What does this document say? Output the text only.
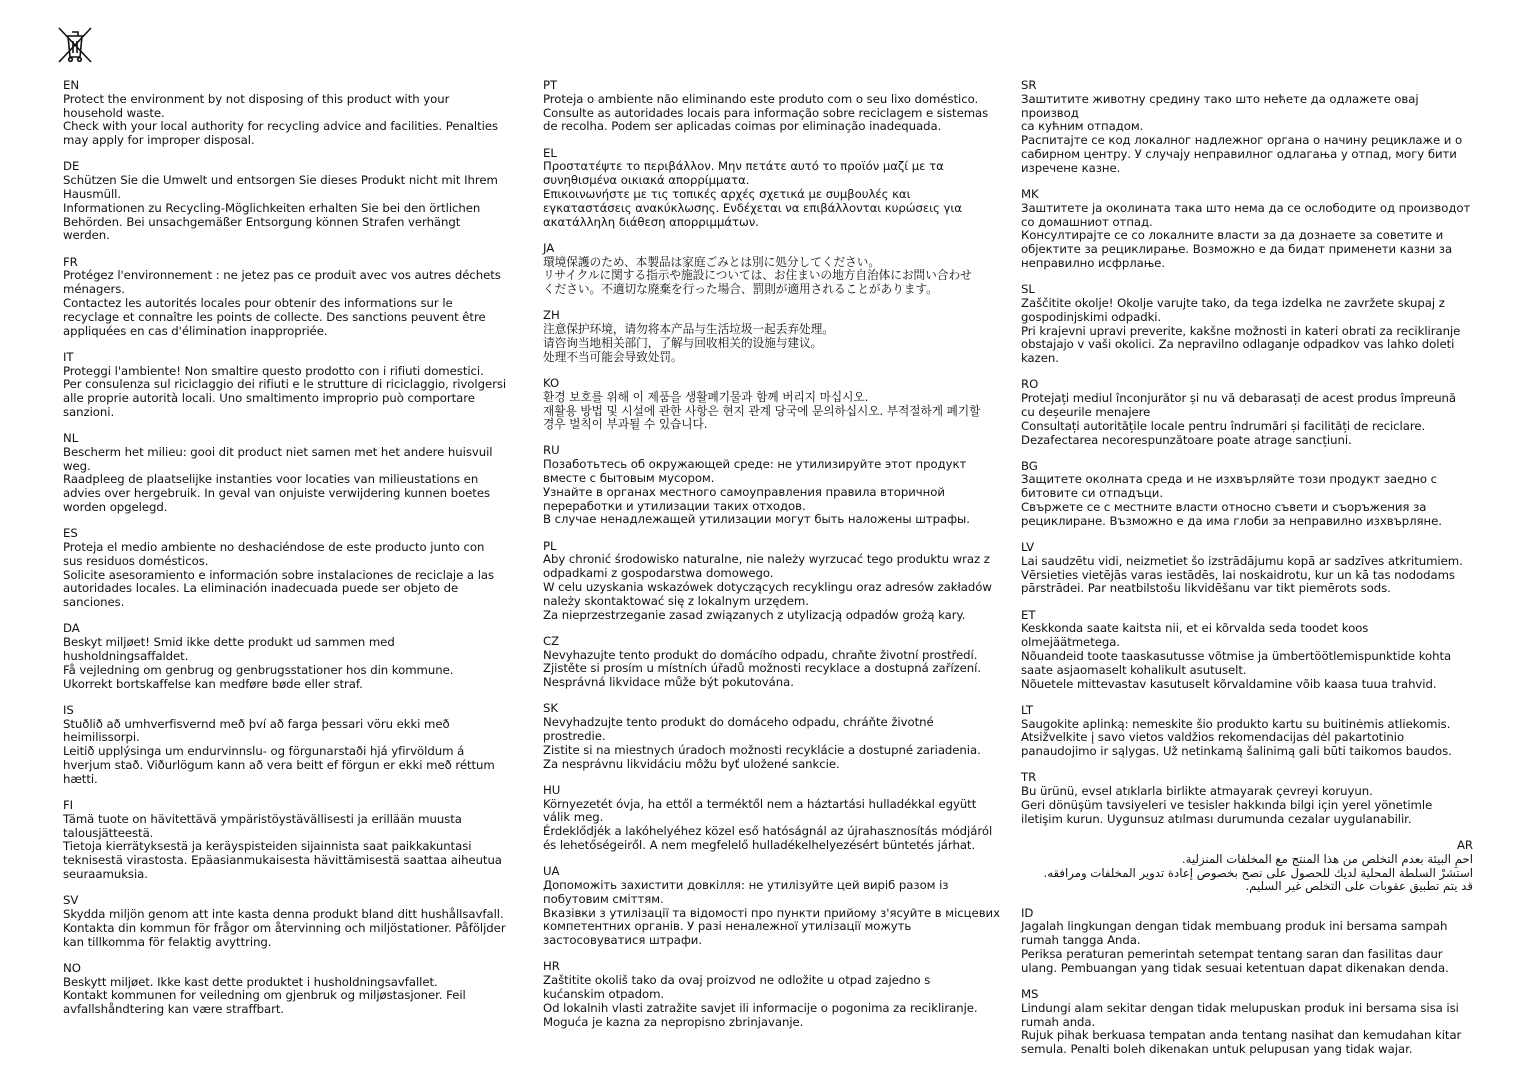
EN
Protect the environment by not disposing of this product with your
household waste.
Check with your local authority for recycling advice and facilities. Penalties
may apply for improper disposal.
DE
Schützen Sie die Umwelt und entsorgen Sie dieses Produkt nicht mit Ihrem
Hausmüll.
Informationen zu Recycling-Möglichkeiten erhalten Sie bei den örtlichen
Behörden. Bei unsachgemäßer Entsorgung können Strafen verhängt
werden.
FR
Protégez l'environnement : ne jetez pas ce produit avec vos autres déchets
ménagers.
Contactez les autorités locales pour obtenir des informations sur le
recyclage et connaître les points de collecte. Des sanctions peuvent être
appliquées en cas d'élimination inappropriée.
IT
Proteggi l'ambiente! Non smaltire questo prodotto con i rifiuti domestici.
Per consulenza sul riciclaggio dei rifiuti e le strutture di riciclaggio, rivolgersi
alle proprie autorità locali. Uno smaltimento improprio può comportare
sanzioni.
NL
Bescherm het milieu: gooi dit product niet samen met het andere huisvuil
weg.
Raadpleeg de plaatselijke instanties voor locaties van milieustations en
advies over hergebruik. In geval van onjuiste verwijdering kunnen boetes
worden opgelegd.
ES
Proteja el medio ambiente no deshaciéndose de este producto junto con
sus residuos domésticos.
Solicite asesoramiento e información sobre instalaciones de reciclaje a las
autoridades locales. La eliminación inadecuada puede ser objeto de
sanciones.
DA
Beskyt miljøet! Smid ikke dette produkt ud sammen med
husholdningsaffaldet.
Få vejledning om genbrug og genbrugsstationer hos din kommune.
Ukorrekt bortskaffelse kan medføre bøde eller straf.
IS
Stuðlið að umhverfisvernd með því að farga þessari vöru ekki með
heimilissorpi.
Leitið upplýsinga um endurvinnslu- og förgunarstaði hjá yfirvöldum á
hverjum stað. Viðurlögum kann að vera beitt ef förgun er ekki með réttum
hætti.
FI
Tämä tuote on hävitettävä ympäristöystävällisesti ja erillään muusta
talousjätteestä.
Tietoja kierrätyksestä ja keräyspisteiden sijainnista saat paikkakuntasi
teknisestä virastosta. Epäasianmukaisesta hävittämisestä saattaa aiheutua
seuraamuksia.
SV
Skydda miljön genom att inte kasta denna produkt bland ditt hushållsavfall.
Kontakta din kommun för frågor om återvinning och miljöstationer. Påföljder
kan tillkomma för felaktig avyttring.
NO
Beskytt miljøet. Ikke kast dette produktet i husholdningsavfallet.
Kontakt kommunen for veiledning om gjenbruk og miljøstasjoner. Feil
avfallshåndtering kan være straffbart.
PT
Proteja o ambiente não eliminando este produto com o seu lixo doméstico.
Consulte as autoridades locais para informação sobre reciclagem e sistemas
de recolha. Podem ser aplicadas coimas por eliminação inadequada.
EL
Προστατέψτε το περιβάλλον. Μην πετάτε αυτό το προϊόν μαζί με τα
συνηθισμένα οικιακά απορρίμματα.
Επικοινωνήστε με τις τοπικές αρχές σχετικά με συμβουλές και
εγκαταστάσεις ανακύκλωσης. Ενδέχεται να επιβάλλονται κυρώσεις για
ακατάλληλη διάθεση απορριμμάτων.
JA
環境保護のため、本製品は家庭ごみとは別に処分してください。
リサイクルに関する指示や施設については、お住まいの地方自治体にお問い合わせ
ください。不適切な廃棄を行った場合、罰則が適用されることがあります。
ZH
注意保护环境，请勿将本产品与生活垃圾一起丢弃处理。
请咨询当地相关部门，了解与回收相关的设施与建议。
处理不当可能会导致处罚。
KO
환경 보호를 위해 이 제품을 생활폐기물과 함께 버리지 마십시오.
재활용 방법 및 시설에 관한 사항은 현지 관계 당국에 문의하십시오. 부적절하게 폐기할
경우 벌칙이 부과될 수 있습니다.
RU
Позаботьтесь об окружающей среде: не утилизируйте этот продукт
вместе с бытовым мусором.
Узнайте в органах местного самоуправления правила вторичной
переработки и утилизации таких отходов.
В случае ненадлежащей утилизации могут быть наложены штрафы.
PL
Aby chronić środowisko naturalne, nie należy wyrzucać tego produktu wraz z
odpadkami z gospodarstwa domowego.
W celu uzyskania wskazówek dotyczących recyklingu oraz adresów zakładów
należy skontaktować się z lokalnym urzędem.
Za nieprzestrzeganie zasad związanych z utylizacją odpadów grożą kary.
CZ
Nevyhazujte tento produkt do domácího odpadu, chraňte životní prostředí.
Zjistěte si prosím u místních úřadů možnosti recyklace a dostupná zařízení.
Nesprávná likvidace může být pokutována.
SK
Nevyhadzujte tento produkt do domáceho odpadu, chráňte životné
prostredie.
Zistite si na miestnych úradoch možnosti recyklácie a dostupné zariadenia.
Za nesprávnu likvidáciu môžu byť uložené sankcie.
HU
Környezetét óvja, ha ettől a terméktől nem a háztartási hulladékkal együtt
válik meg.
Érdeklődjék a lakóhelyéhez közel eső hatóságnál az újrahasznosítás módjáról
és lehetőségeiről. A nem megfelelő hulladékelhelyezésért büntetés járhat.
UA
Допоможіть захистити довкілля: не утилізуйте цей виріб разом із
побутовим сміттям.
Вказівки з утилізації та відомості про пункти прийому з'ясуйте в місцевих
компетентних органів. У разі неналежної утилізації можуть
застосовуватися штрафи.
HR
Zaštitite okoliš tako da ovaj proizvod ne odložite u otpad zajedno s
kućanskim otpadom.
Od lokalnih vlasti zatražite savjet ili informacije o pogonima za recikliranje.
Moguća je kazna za nepropisno zbrinjavanje.
SR
Заштитите животну средину тако што нећете да одлажете овај производ
са кућним отпадом.
Распитајте се код локалног надлежног органа о начину рециклаже и о
сабирном центру. У случају неправилног одлагања у отпад, могу бити
изречене казне.
MK
Заштитете ја околината така што нема да се ослободите од производот
со домашниот отпад.
Консултирајте се со локалните власти за да дознаете за советите и
објектите за рециклирање. Возможно е да бидат применети казни за
неправилно исфрлање.
SL
Zaščitite okolje! Okolje varujte tako, da tega izdelka ne zavržete skupaj z
gospodinjskimi odpadki.
Pri krajevni upravi preverite, kakšne možnosti in kateri obrati za recikliranje
obstajajo v vaši okolici. Za nepravilno odlaganje odpadkov vas lahko doleti
kazen.
RO
Protejați mediul înconjurător și nu vă debarasați de acest produs împreună
cu deșeurile menajere
Consultați autoritățile locale pentru îndrumări și facilități de reciclare.
Dezafectarea necorespunzătoare poate atrage sancțiuni.
BG
Защитете околната среда и не изхвърляйте този продукт заедно с
битовите си отпадъци.
Свържете се с местните власти относно съвети и съоръжения за
рециклиране. Възможно е да има глоби за неправилно изхвърляне.
LV
Lai saudzētu vidi, neizmetiet šo izstrādājumu kopā ar sadzīves atkritumiem.
Vērsieties vietējās varas iestādēs, lai noskaidrotu, kur un kā tas nododams
pārstrādei. Par neatbilstošu likvidēšanu var tikt piemērots sods.
ET
Keskkonda saate kaitsta nii, et ei kõrvalda seda toodet koos
olmejäätmetega.
Nõuandeid toote taaskasutusse võtmise ja ümbertöötlemispunktide kohta
saate asjaomaselt kohalikult asutuselt.
Nõuetele mittevastav kasutuselt kõrvaldamine võib kaasa tuua trahvid.
LT
Saugokite aplinką: nemeskite šio produkto kartu su buitinėmis atliekomis.
Atsižvelkite į savo vietos valdžios rekomendacijas dėl pakartotinio
panaudojimo ir sąlygas. Už netinkamą šalinimą gali būti taikomos baudos.
TR
Bu ürünü, evsel atıklarla birlikte atmayarak çevreyi koruyun.
Geri dönüşüm tavsiyeleri ve tesisler hakkında bilgi için yerel yönetimle
iletişim kurun. Uygunsuz atılması durumunda cezalar uygulanabilir.
AR
احمِ البيئة بعدم التخلص من هذا المنتج مع المخلفات المنزلية.
استشرْ السلطة المحلية لديك للحصول على نصح بخصوص إعادة تدوير المخلفات ومرافقه.
قد يتم تطبيق عقوبات على التخلص غير السليم.
ID
Jagalah lingkungan dengan tidak membuang produk ini bersama sampah
rumah tangga Anda.
Periksa peraturan pemerintah setempat tentang saran dan fasilitas daur
ulang. Pembuangan yang tidak sesuai ketentuan dapat dikenakan denda.
MS
Lindungi alam sekitar dengan tidak melupuskan produk ini bersama sisa isi
rumah anda.
Rujuk pihak berkuasa tempatan anda tentang nasihat dan kemudahan kitar
semula. Penalti boleh dikenakan untuk pelupusan yang tidak wajar.
